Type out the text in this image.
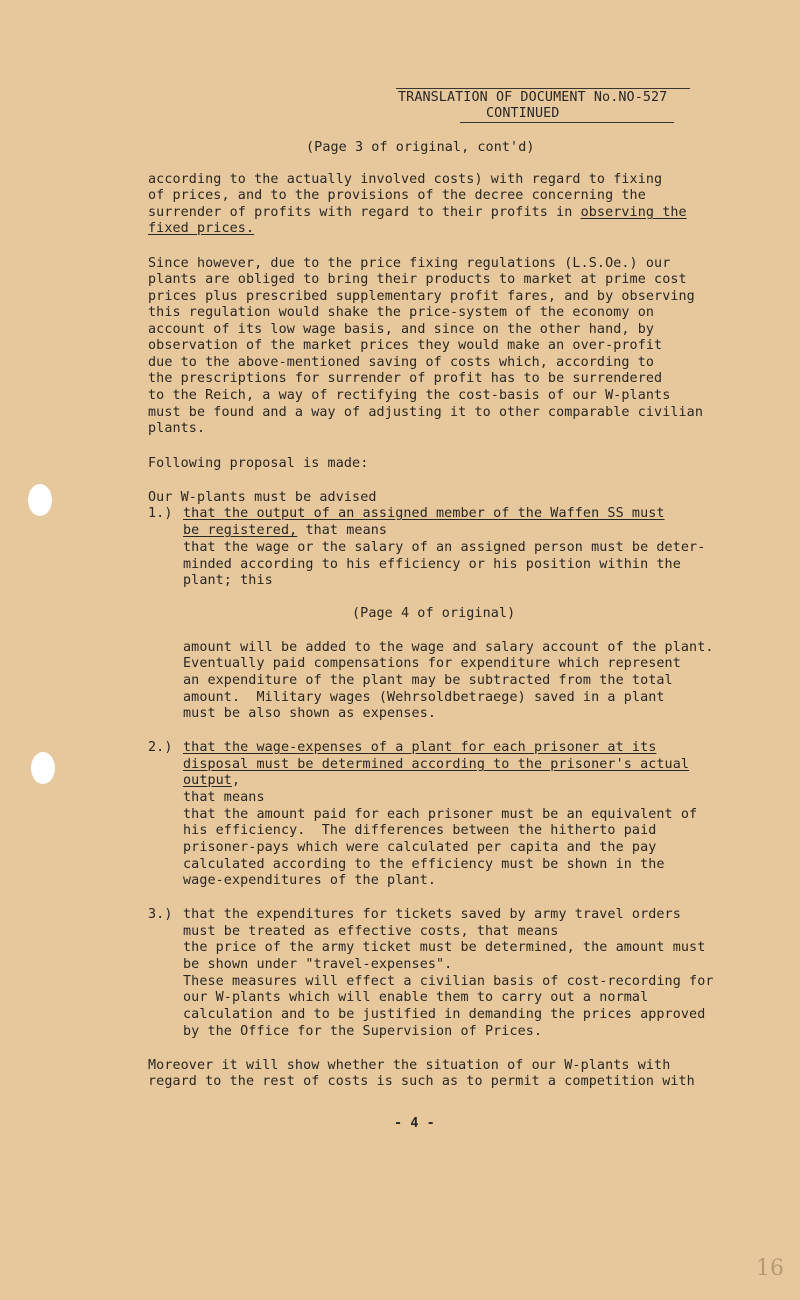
TRANSLATION OF DOCUMENT No.NO-527
CONTINUED
(Page 3 of original, cont'd)
according to the actually involved costs) with regard to fixing
of prices, and to the provisions of the decree concerning the
surrender of profits with regard to their profits in observing the
fixed prices.
Since however, due to the price fixing regulations (L.S.Oe.) our
plants are obliged to bring their products to market at prime cost
prices plus prescribed supplementary profit fares, and by observing
this regulation would shake the price-system of the economy on
account of its low wage basis, and since on the other hand, by
observation of the market prices they would make an over-profit
due to the above-mentioned saving of costs which, according to
the prescriptions for surrender of profit has to be surrendered
to the Reich, a way of rectifying the cost-basis of our W-plants
must be found and a way of adjusting it to other comparable civilian
plants.
Following proposal is made:
Our W-plants must be advised
1.) that the output of an assigned member of the Waffen SS must
be registered, that means
that the wage or the salary of an assigned person must be deter-
minded according to his efficiency or his position within the
plant; this
(Page 4 of original)
amount will be added to the wage and salary account of the plant.
Eventually paid compensations for expenditure which represent
an expenditure of the plant may be subtracted from the total
amount.  Military wages (Wehrsoldbetraege) saved in a plant
must be also shown as expenses.
2.) that the wage-expenses of a plant for each prisoner at its
disposal must be determined according to the prisoner's actual
output,
that means
that the amount paid for each prisoner must be an equivalent of
his efficiency.  The differences between the hitherto paid
prisoner-pays which were calculated per capita and the pay
calculated according to the efficiency must be shown in the
wage-expenditures of the plant.
3.) that the expenditures for tickets saved by army travel orders
must be treated as effective costs, that means
the price of the army ticket must be determined, the amount must
be shown under "travel-expenses".
These measures will effect a civilian basis of cost-recording for
our W-plants which will enable them to carry out a normal
calculation and to be justified in demanding the prices approved
by the Office for the Supervision of Prices.
Moreover it will show whether the situation of our W-plants with
regard to the rest of costs is such as to permit a competition with
- 4 -
16
